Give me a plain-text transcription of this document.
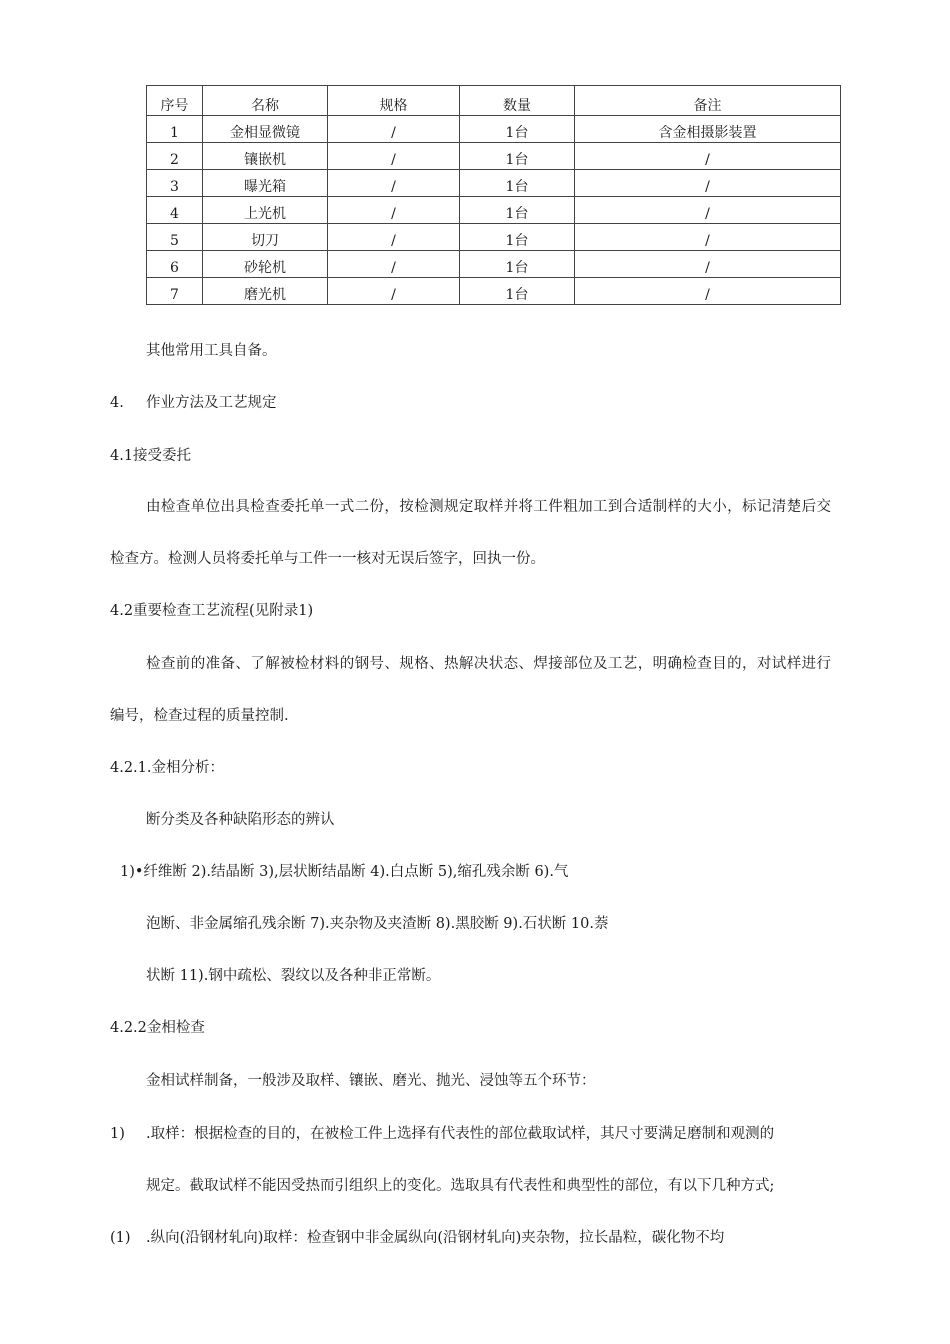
序号	名称	规格	数量	备注
1	金相显微镜	/	1台	含金相摄影装置
2	镶嵌机	/	1台	/
3	曝光箱	/	1台	/
4	上光机	/	1台	/
5	切刀	/	1台	/
6	砂轮机	/	1台	/
7	磨光机	/	1台	/
其他常用工具自备。
4. 作业方法及工艺规定
4.1接受委托
由检查单位出具检查委托单一式二份，按检测规定取样并将工件粗加工到合适制样的大小，标记清楚后交
检查方。检测人员将委托单与工件一一核对无误后签字，回执一份。
4.2重要检查工艺流程(见附录1)
检查前的准备、了解被检材料的钢号、规格、热解决状态、焊接部位及工艺，明确检查目的，对试样进行
编号，检查过程的质量控制.
4.2.1.金相分析：
断分类及各种缺陷形态的辨认
1)•纤维断 2).结晶断 3),层状断结晶断 4).白点断 5),缩孔残余断 6).气
泡断、非金属缩孔残余断 7).夹杂物及夹渣断 8).黑胶断 9).石状断 10.萘
状断 11).钢中疏松、裂纹以及各种非正常断。
4.2.2金相检查
金相试样制备，一般涉及取样、镶嵌、磨光、抛光、浸蚀等五个环节：
1) .取样：根据检查的目的，在被检工件上选择有代表性的部位截取试样，其尺寸要满足磨制和观测的
规定。截取试样不能因受热而引组织上的变化。选取具有代表性和典型性的部位，有以下几种方式;
(1) .纵向(沿钢材轧向)取样：检查钢中非金属纵向(沿钢材轧向)夹杂物，拉长晶粒，碳化物不均
